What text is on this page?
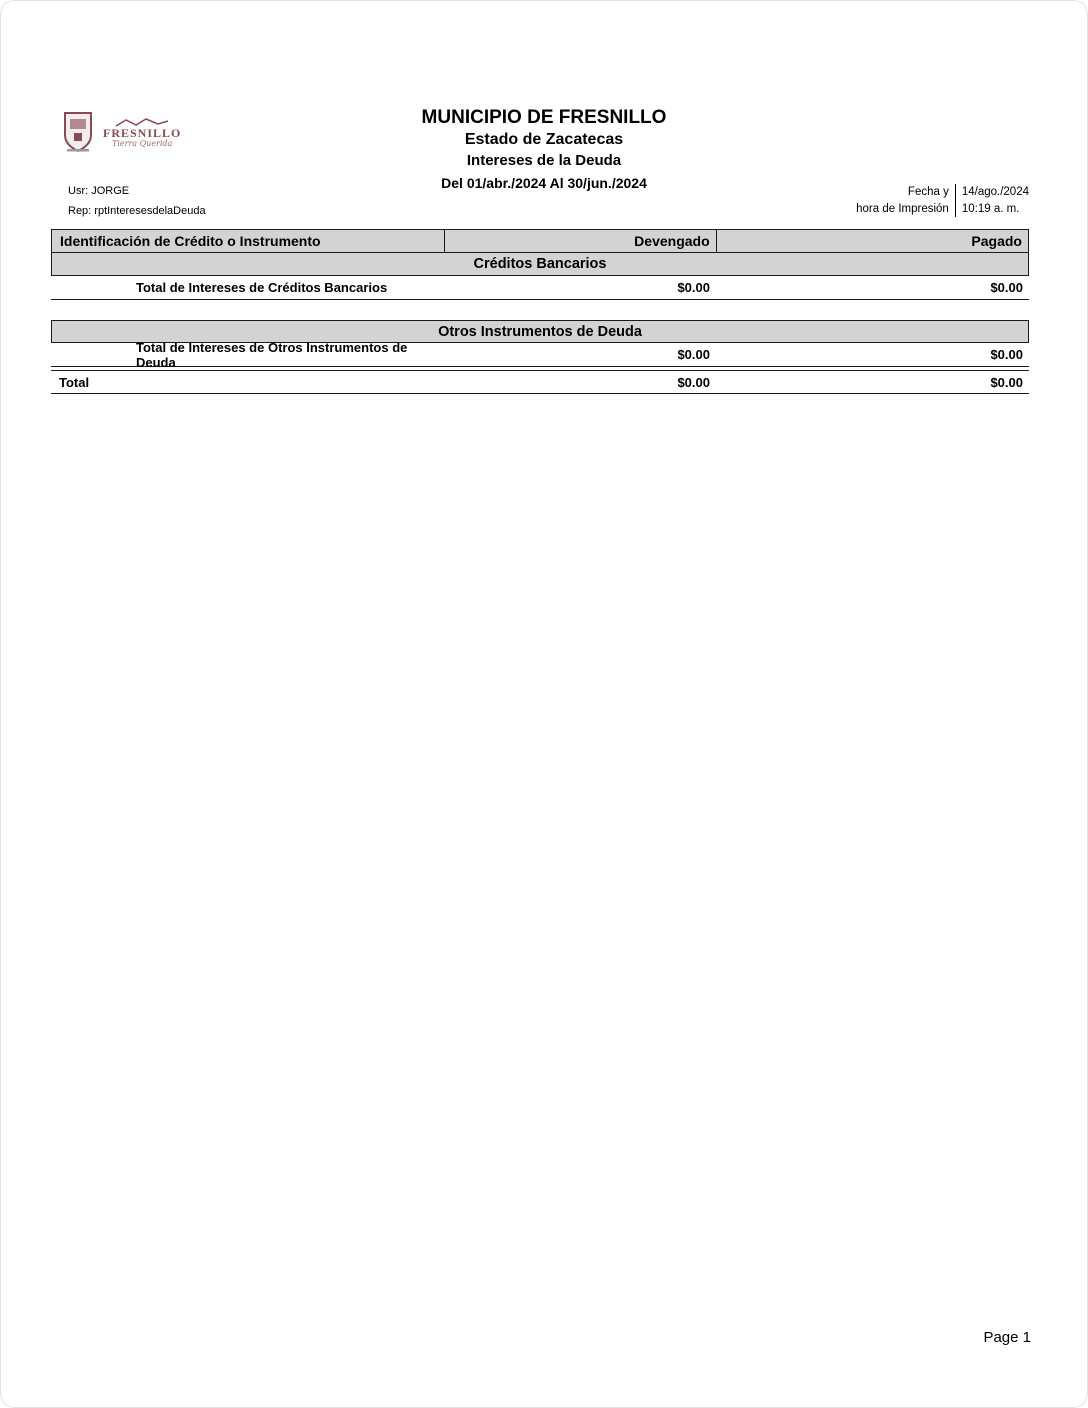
FRESNILLO
Tierra Querida
MUNICIPIO DE FRESNILLO
Estado de Zacatecas
Intereses de la Deuda
Del 01/abr./2024 Al 30/jun./2024
Usr: JORGE
Rep: rptInteresesdelaDeuda
Fecha y
hora de Impresión
14/ago./2024
10:19 a. m.
Identificación de Crédito o Instrumento	Devengado	Pagado
Créditos Bancarios
Total de Intereses de Créditos Bancarios	$0.00	$0.00
Otros Instrumentos de Deuda
Total de Intereses de Otros Instrumentos de Deuda	$0.00	$0.00
Total	$0.00	$0.00
Page 1
